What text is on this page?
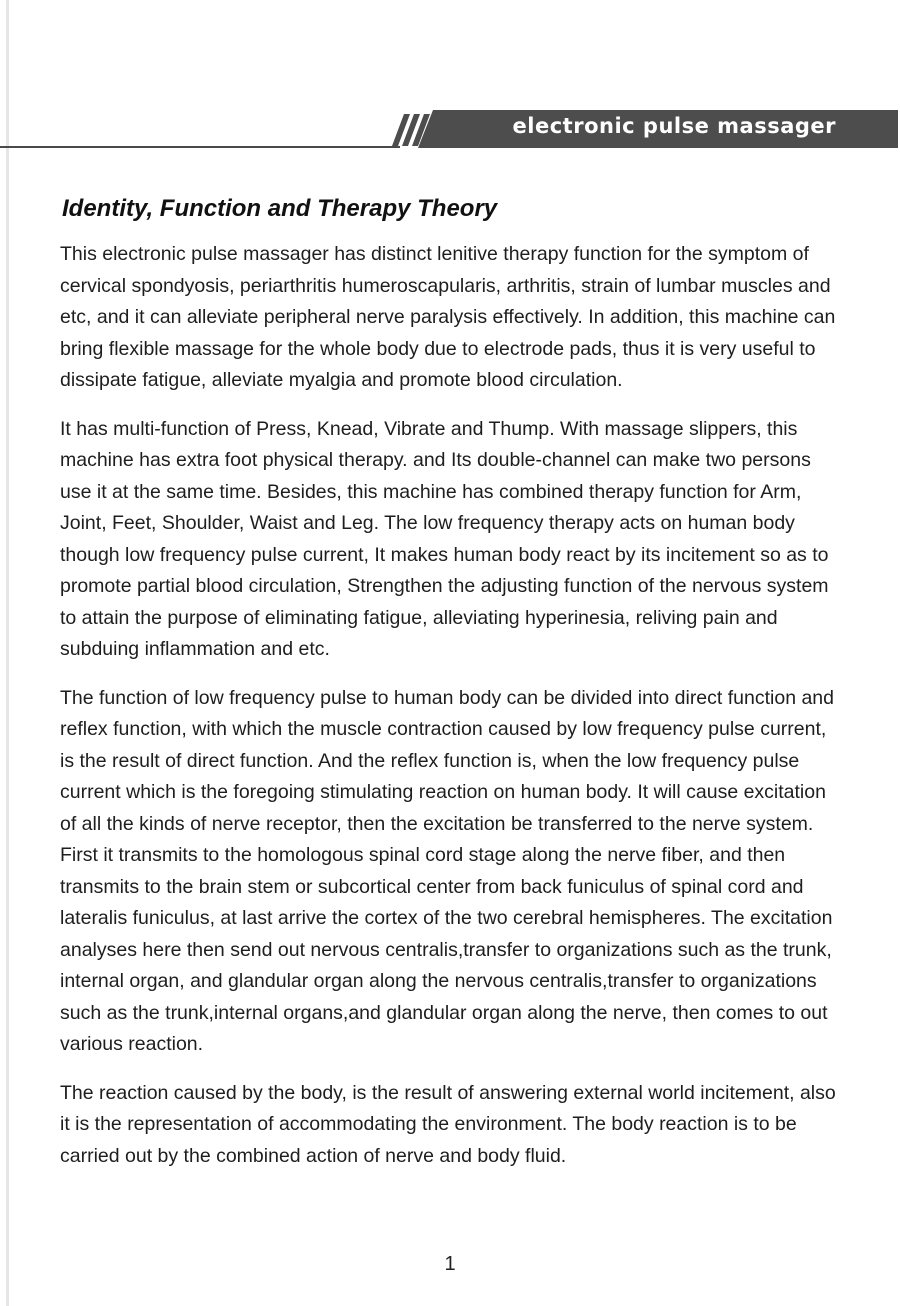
electronic pulse massager
Identity, Function and Therapy Theory

This electronic pulse massager has distinct lenitive therapy function for the symptom of cervical spondyosis, periarthritis humeroscapularis, arthritis, strain of lumbar muscles and etc, and it can alleviate peripheral nerve paralysis effectively. In addition, this machine can bring flexible massage for the whole body due to electrode pads, thus it is very useful to dissipate fatigue, alleviate myalgia and promote blood circulation.

It has multi-function of Press, Knead, Vibrate and Thump. With massage slippers, this machine has extra foot physical therapy. and Its double-channel can make two persons use it at the same time. Besides, this machine has combined therapy function for Arm, Joint, Feet, Shoulder, Waist and Leg. The low frequency therapy acts on human body though low frequency pulse current, It makes human body react by its incitement so as to promote partial blood circulation, Strengthen the adjusting function of the nervous system to attain the purpose of eliminating fatigue, alleviating hyperinesia, reliving pain and subduing inflammation and etc.

The function of low frequency pulse to human body can be divided into direct function and reflex function, with which the muscle contraction caused by low frequency pulse current, is the result of direct function. And the reflex function is, when the low frequency pulse current which is the foregoing stimulating reaction on human body. It will cause excitation of all the kinds of nerve receptor, then the excitation be transferred to the nerve system. First it transmits to the homologous spinal cord stage along the nerve fiber, and then transmits to the brain stem or subcortical center from back funiculus of spinal cord and lateralis funiculus, at last arrive the cortex of the two cerebral hemispheres. The excitation analyses here then send out nervous centralis,transfer to organizations such as the trunk, internal organ, and glandular organ along the nervous centralis,transfer to organizations such as the trunk,internal organs,and glandular organ along the nerve, then comes to out various reaction.

The reaction caused by the body, is the result of answering external world incitement, also it is the representation of accommodating the environment. The body reaction is to be carried out by the combined action of nerve and body fluid.

1
